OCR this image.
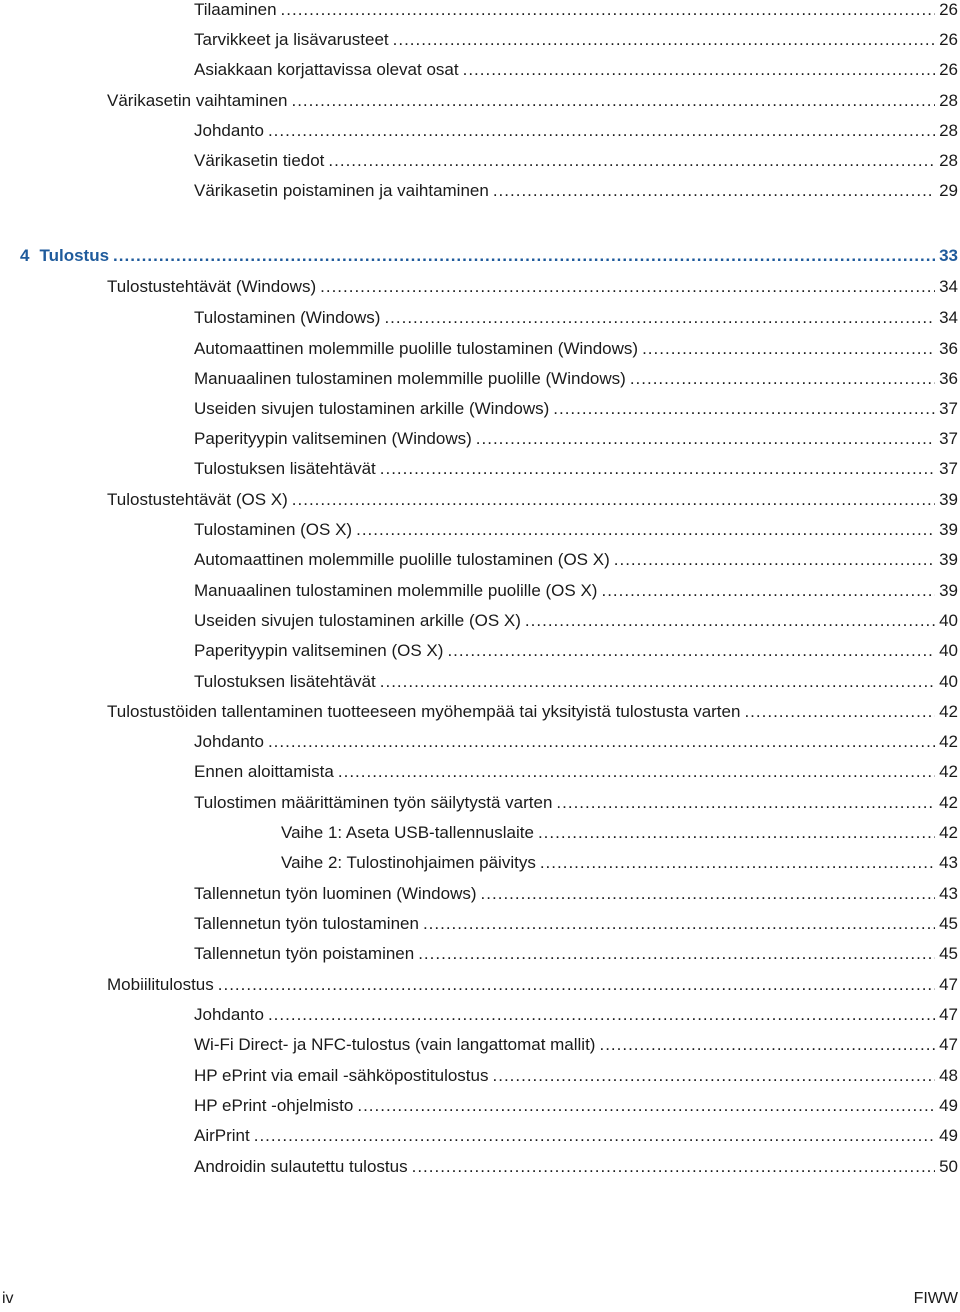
Tilaaminen .....	26
Tarvikkeet ja lisävarusteet .....	26
Asiakkaan korjattavissa olevat osat .....	26
Värikasetin vaihtaminen .....	28
Johdanto .....	28
Värikasetin tiedot .....	28
Värikasetin poistaminen ja vaihtaminen .....	29
4 Tulostus .....	33
Tulostustehtävät (Windows) .....	34
Tulostaminen (Windows) .....	34
Automaattinen molemmille puolille tulostaminen (Windows) .....	36
Manuaalinen tulostaminen molemmille puolille (Windows) .....	36
Useiden sivujen tulostaminen arkille (Windows) .....	37
Paperityypin valitseminen (Windows) .....	37
Tulostuksen lisätehtävät .....	37
Tulostustehtävät (OS X) .....	39
Tulostaminen (OS X) .....	39
Automaattinen molemmille puolille tulostaminen (OS X) .....	39
Manuaalinen tulostaminen molemmille puolille (OS X) .....	39
Useiden sivujen tulostaminen arkille (OS X) .....	40
Paperityypin valitseminen (OS X) .....	40
Tulostuksen lisätehtävät .....	40
Tulostustöiden tallentaminen tuotteeseen myöhempää tai yksityistä tulostusta varten .....	42
Johdanto .....	42
Ennen aloittamista .....	42
Tulostimen määrittäminen työn säilytystä varten .....	42
Vaihe 1: Aseta USB-tallennuslaite .....	42
Vaihe 2: Tulostinohjaimen päivitys .....	43
Tallennetun työn luominen (Windows) .....	43
Tallennetun työn tulostaminen .....	45
Tallennetun työn poistaminen .....	45
Mobiilitulostus .....	47
Johdanto .....	47
Wi-Fi Direct- ja NFC-tulostus (vain langattomat mallit) .....	47
HP ePrint via email -sähköpostitulostus .....	48
HP ePrint -ohjelmisto .....	49
AirPrint .....	49
Androidin sulautettu tulostus .....	50
iv	FIWW
